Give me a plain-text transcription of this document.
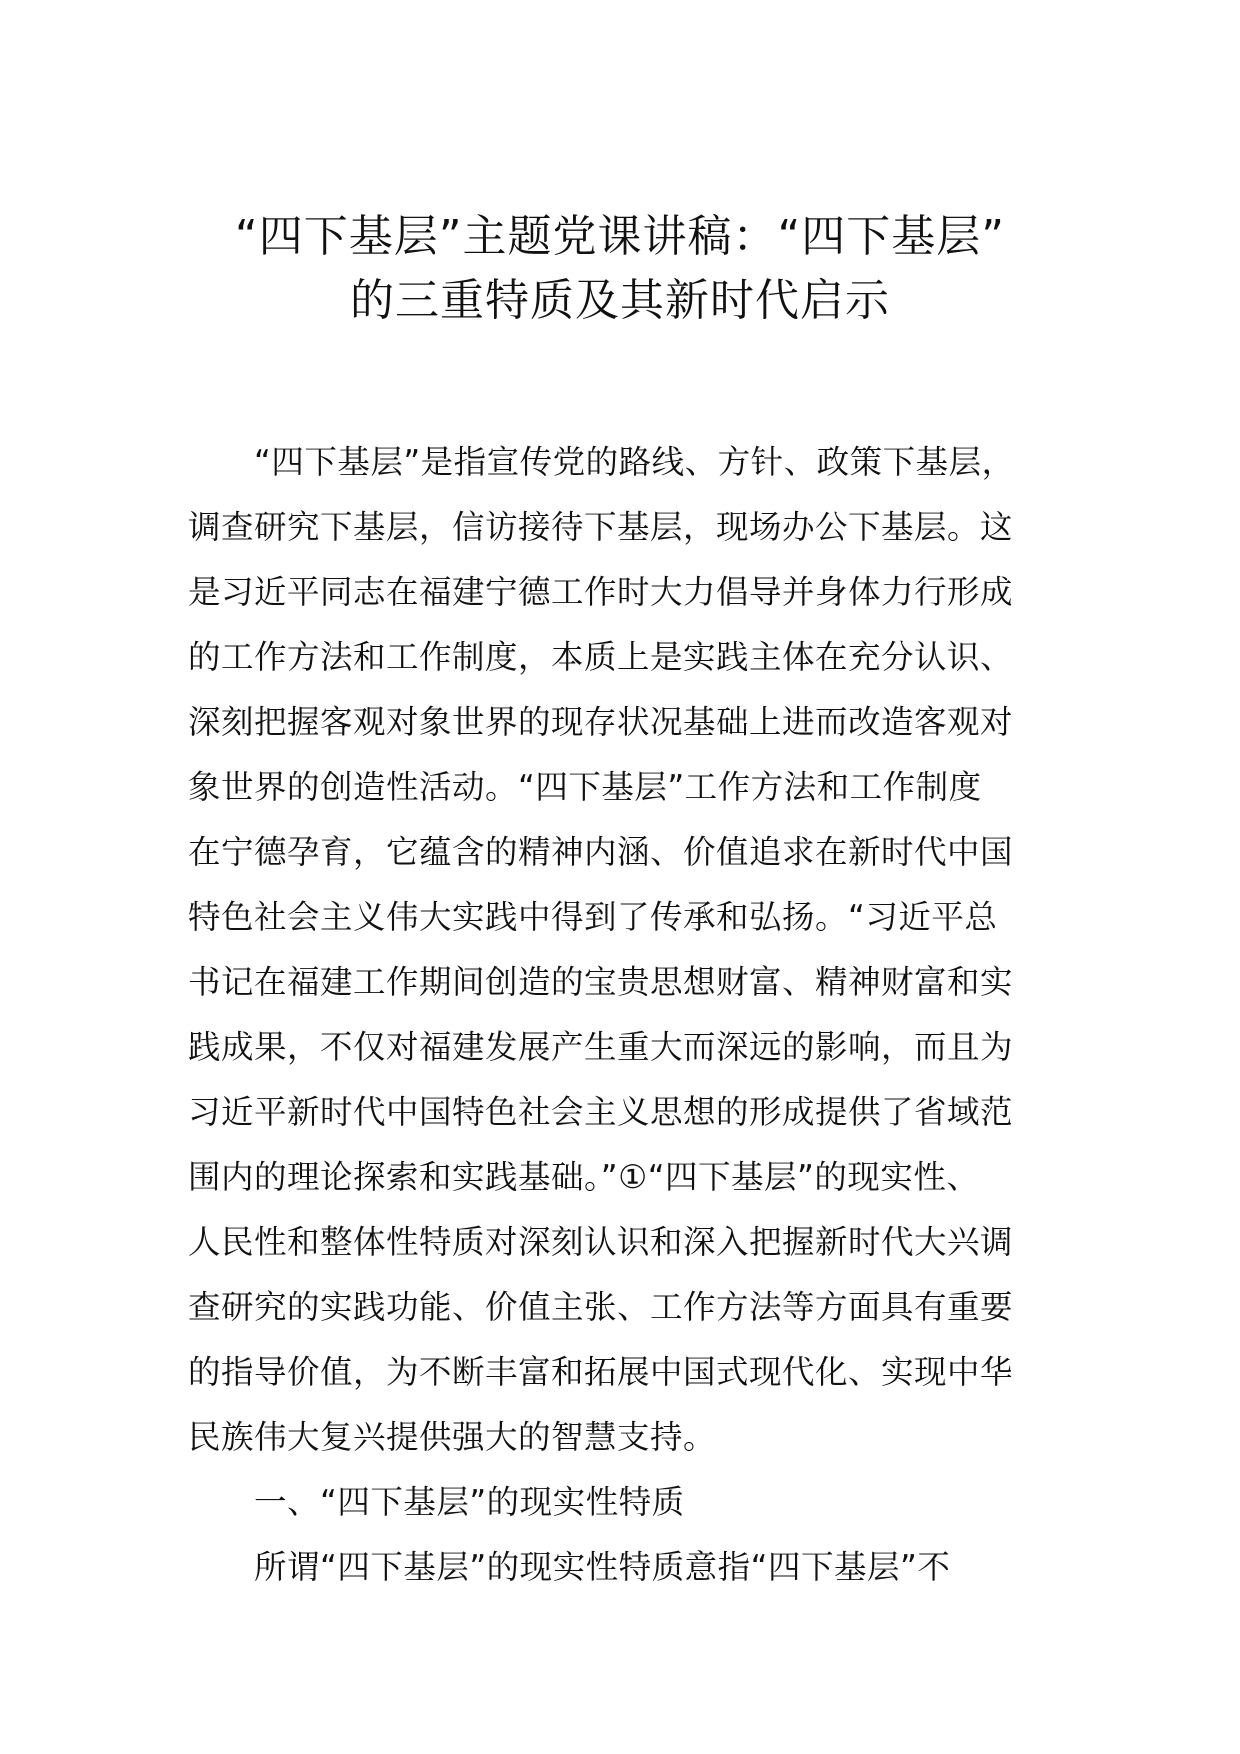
“四下基层”主题党课讲稿：“四下基层”
的三重特质及其新时代启示
“四下基层”是指宣传党的路线、方针、政策下基层，
调查研究下基层，信访接待下基层，现场办公下基层。这
是习近平同志在福建宁德工作时大力倡导并身体力行形成
的工作方法和工作制度，本质上是实践主体在充分认识、
深刻把握客观对象世界的现存状况基础上进而改造客观对
象世界的创造性活动。“四下基层”工作方法和工作制度
在宁德孕育，它蕴含的精神内涵、价值追求在新时代中国
特色社会主义伟大实践中得到了传承和弘扬。“习近平总
书记在福建工作期间创造的宝贵思想财富、精神财富和实
践成果，不仅对福建发展产生重大而深远的影响，而且为
习近平新时代中国特色社会主义思想的形成提供了省域范
围内的理论探索和实践基础。”①“四下基层”的现实性、
人民性和整体性特质对深刻认识和深入把握新时代大兴调
查研究的实践功能、价值主张、工作方法等方面具有重要
的指导价值，为不断丰富和拓展中国式现代化、实现中华
民族伟大复兴提供强大的智慧支持。
一、“四下基层”的现实性特质
所谓“四下基层”的现实性特质意指“四下基层”不
